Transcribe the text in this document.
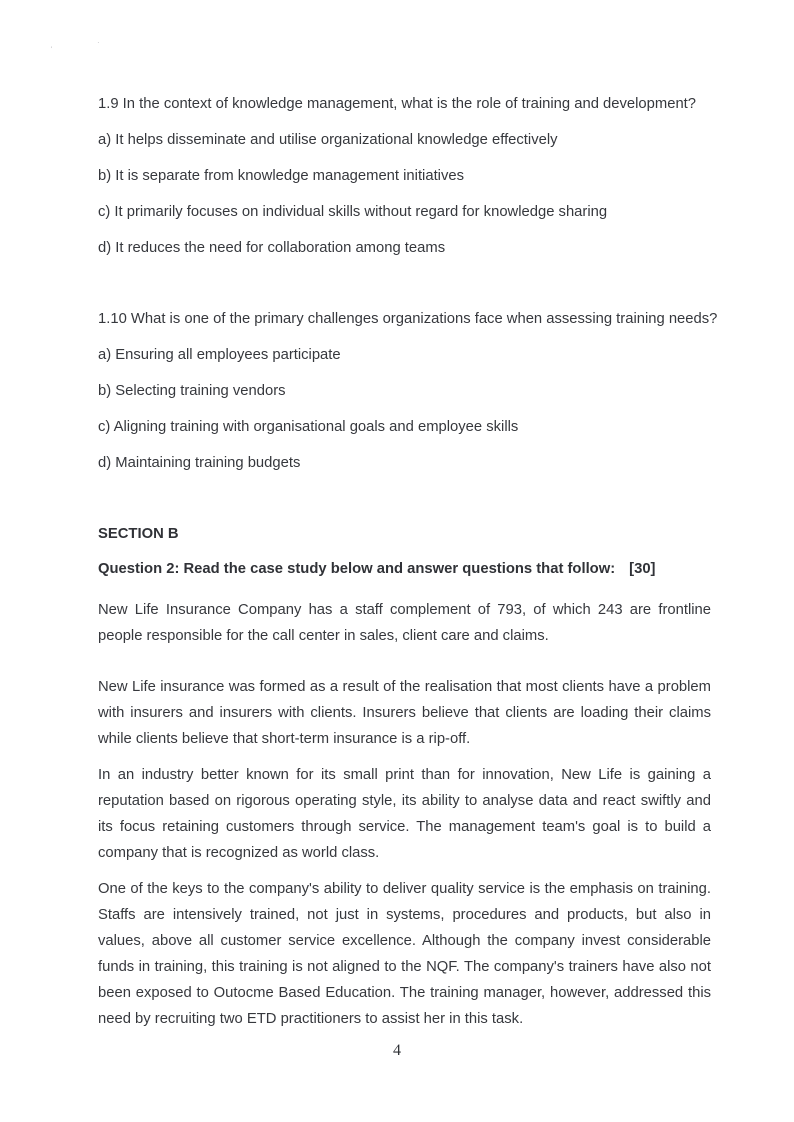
·
ʻ
1.9 In the context of knowledge management, what is the role of training and development?
a) It helps disseminate and utilise organizational knowledge effectively
b) It is separate from knowledge management initiatives
c) It primarily focuses on individual skills without regard for knowledge sharing
d) It reduces the need for collaboration among teams
1.10 What is one of the primary challenges organizations face when assessing training needs?
a) Ensuring all employees participate
b) Selecting training vendors
c) Aligning training with organisational goals and employee skills
d) Maintaining training budgets
SECTION B
Question 2: Read the case study below and answer questions that follow: [30]
New Life Insurance Company has a staff complement of 793, of which 243 are frontline people responsible for the call center in sales, client care and claims.
New Life insurance was formed as a result of the realisation that most clients have a problem with insurers and insurers with clients. Insurers believe that clients are loading their claims while clients believe that short-term insurance is a rip-off.
In an industry better known for its small print than for innovation, New Life is gaining a reputation based on rigorous operating style, its ability to analyse data and react swiftly and its focus retaining customers through service. The management team's goal is to build a company that is recognized as world class.
One of the keys to the company's ability to deliver quality service is the emphasis on training. Staffs are intensively trained, not just in systems, procedures and products, but also in values, above all customer service excellence. Although the company invest considerable funds in training, this training is not aligned to the NQF. The company's trainers have also not been exposed to Outocme Based Education. The training manager, however, addressed this need by recruiting two ETD practitioners to assist her in this task.
4
